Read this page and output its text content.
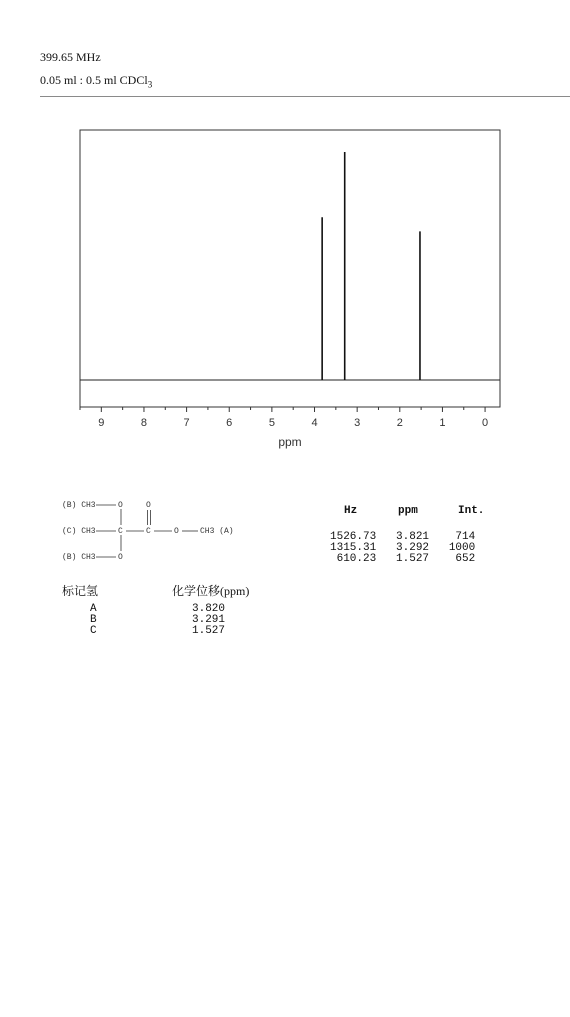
399.65 MHz
0.05 ml : 0.5 ml CDCl$_3$
9	8	7	6	5	4	3	2	1	0
ppm
(B) CH3
(C) CH3
(B) CH3
O
C
O
C
O
CH3 (A)
O
Hz	ppm	Int.
1526.73   3.821    714
1315.31   3.292   1000
610.23   1.527    652
标记氢	化学位移(ppm)
A	3.820
B	3.291
C	1.527
